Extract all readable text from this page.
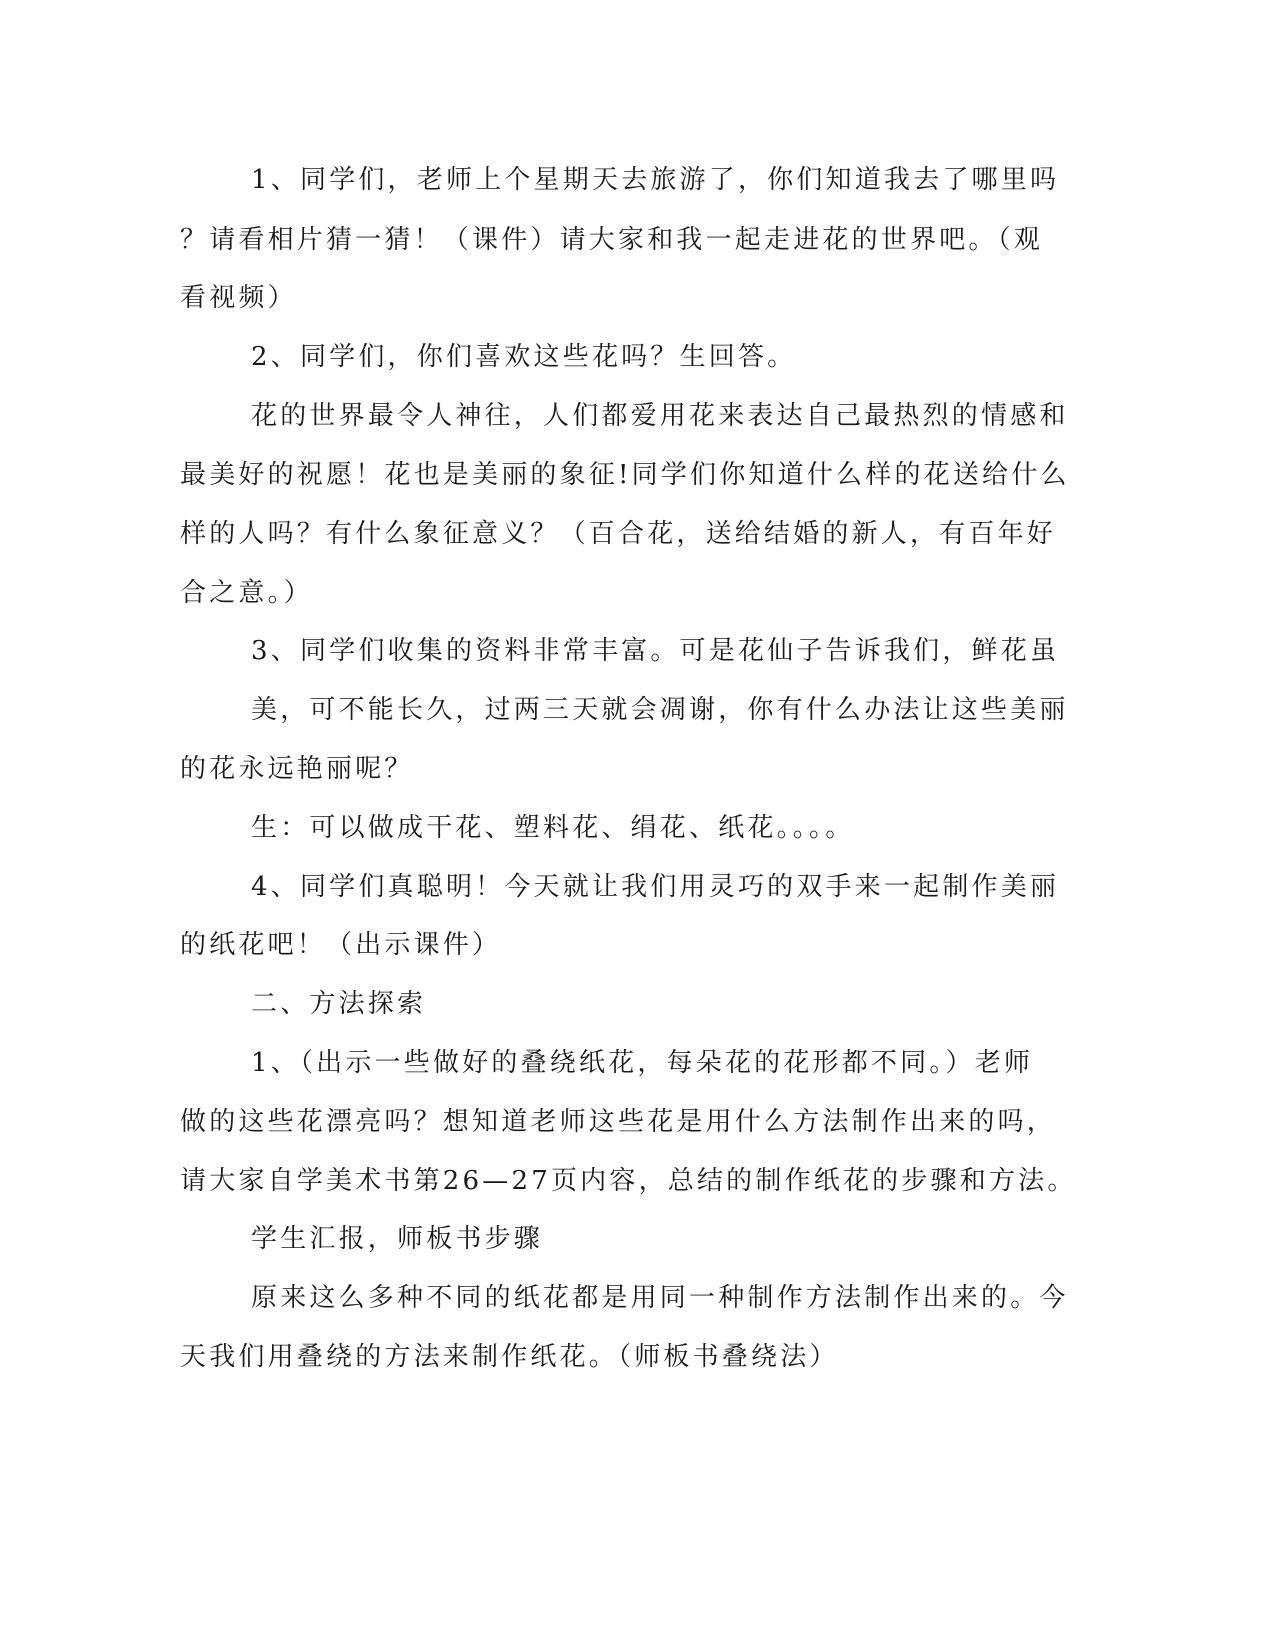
1、同学们，老师上个星期天去旅游了，你们知道我去了哪里吗
？请看相片猜一猜！（课件）请大家和我一起走进花的世界吧。（观
看视频）
2、同学们，你们喜欢这些花吗？生回答。
花的世界最令人神往，人们都爱用花来表达自己最热烈的情感和
最美好的祝愿！花也是美丽的象征!同学们你知道什么样的花送给什么
样的人吗？有什么象征意义？（百合花，送给结婚的新人，有百年好
合之意。）
3、同学们收集的资料非常丰富。可是花仙子告诉我们，鲜花虽
美，可不能长久，过两三天就会凋谢，你有什么办法让这些美丽
的花永远艳丽呢？
生：可以做成干花、塑料花、绢花、纸花。。。。
4、同学们真聪明！今天就让我们用灵巧的双手来一起制作美丽
的纸花吧！（出示课件）
二、方法探索
1、（出示一些做好的叠绕纸花，每朵花的花形都不同。）老师
做的这些花漂亮吗？想知道老师这些花是用什么方法制作出来的吗，
请大家自学美术书第26—27页内容，总结的制作纸花的步骤和方法。
学生汇报，师板书步骤
原来这么多种不同的纸花都是用同一种制作方法制作出来的。今
天我们用叠绕的方法来制作纸花。（师板书叠绕法）
